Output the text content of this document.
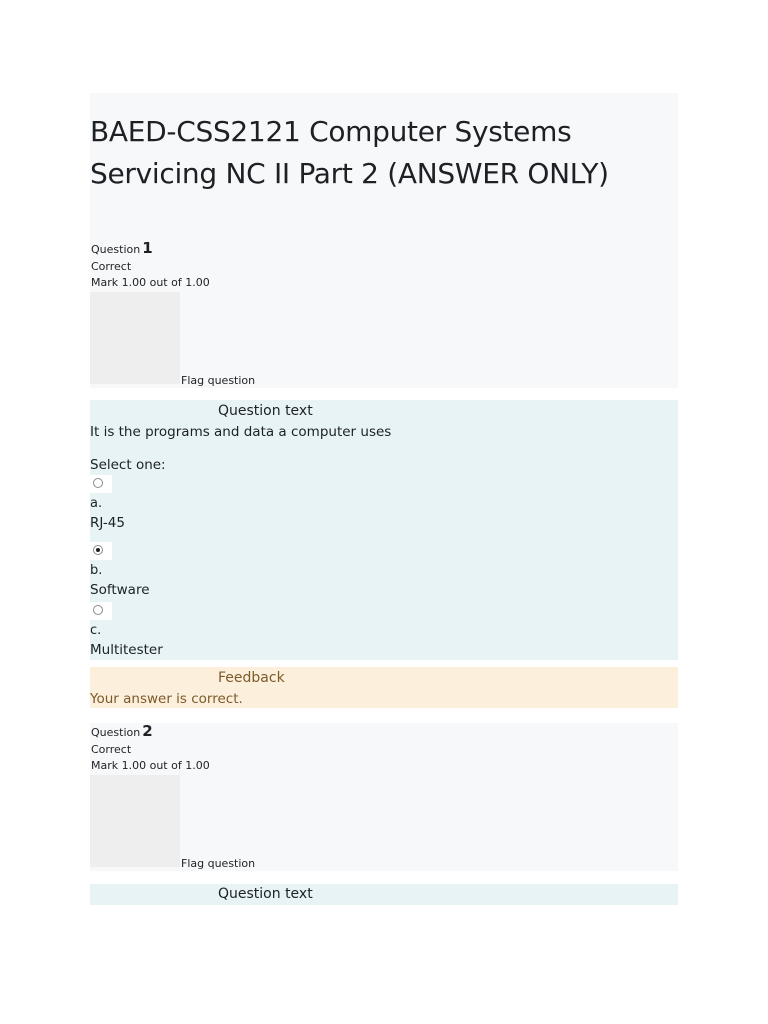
BAED-CSS2121 Computer Systems Servicing NC II Part 2 (ANSWER ONLY)
Question 1
Correct
Mark 1.00 out of 1.00
Flag question
Question text
It is the programs and data a computer uses
Select one:
a.
RJ-45
b.
Software
c.
Multitester
Feedback
Your answer is correct.
Question 2
Correct
Mark 1.00 out of 1.00
Flag question
Question text
